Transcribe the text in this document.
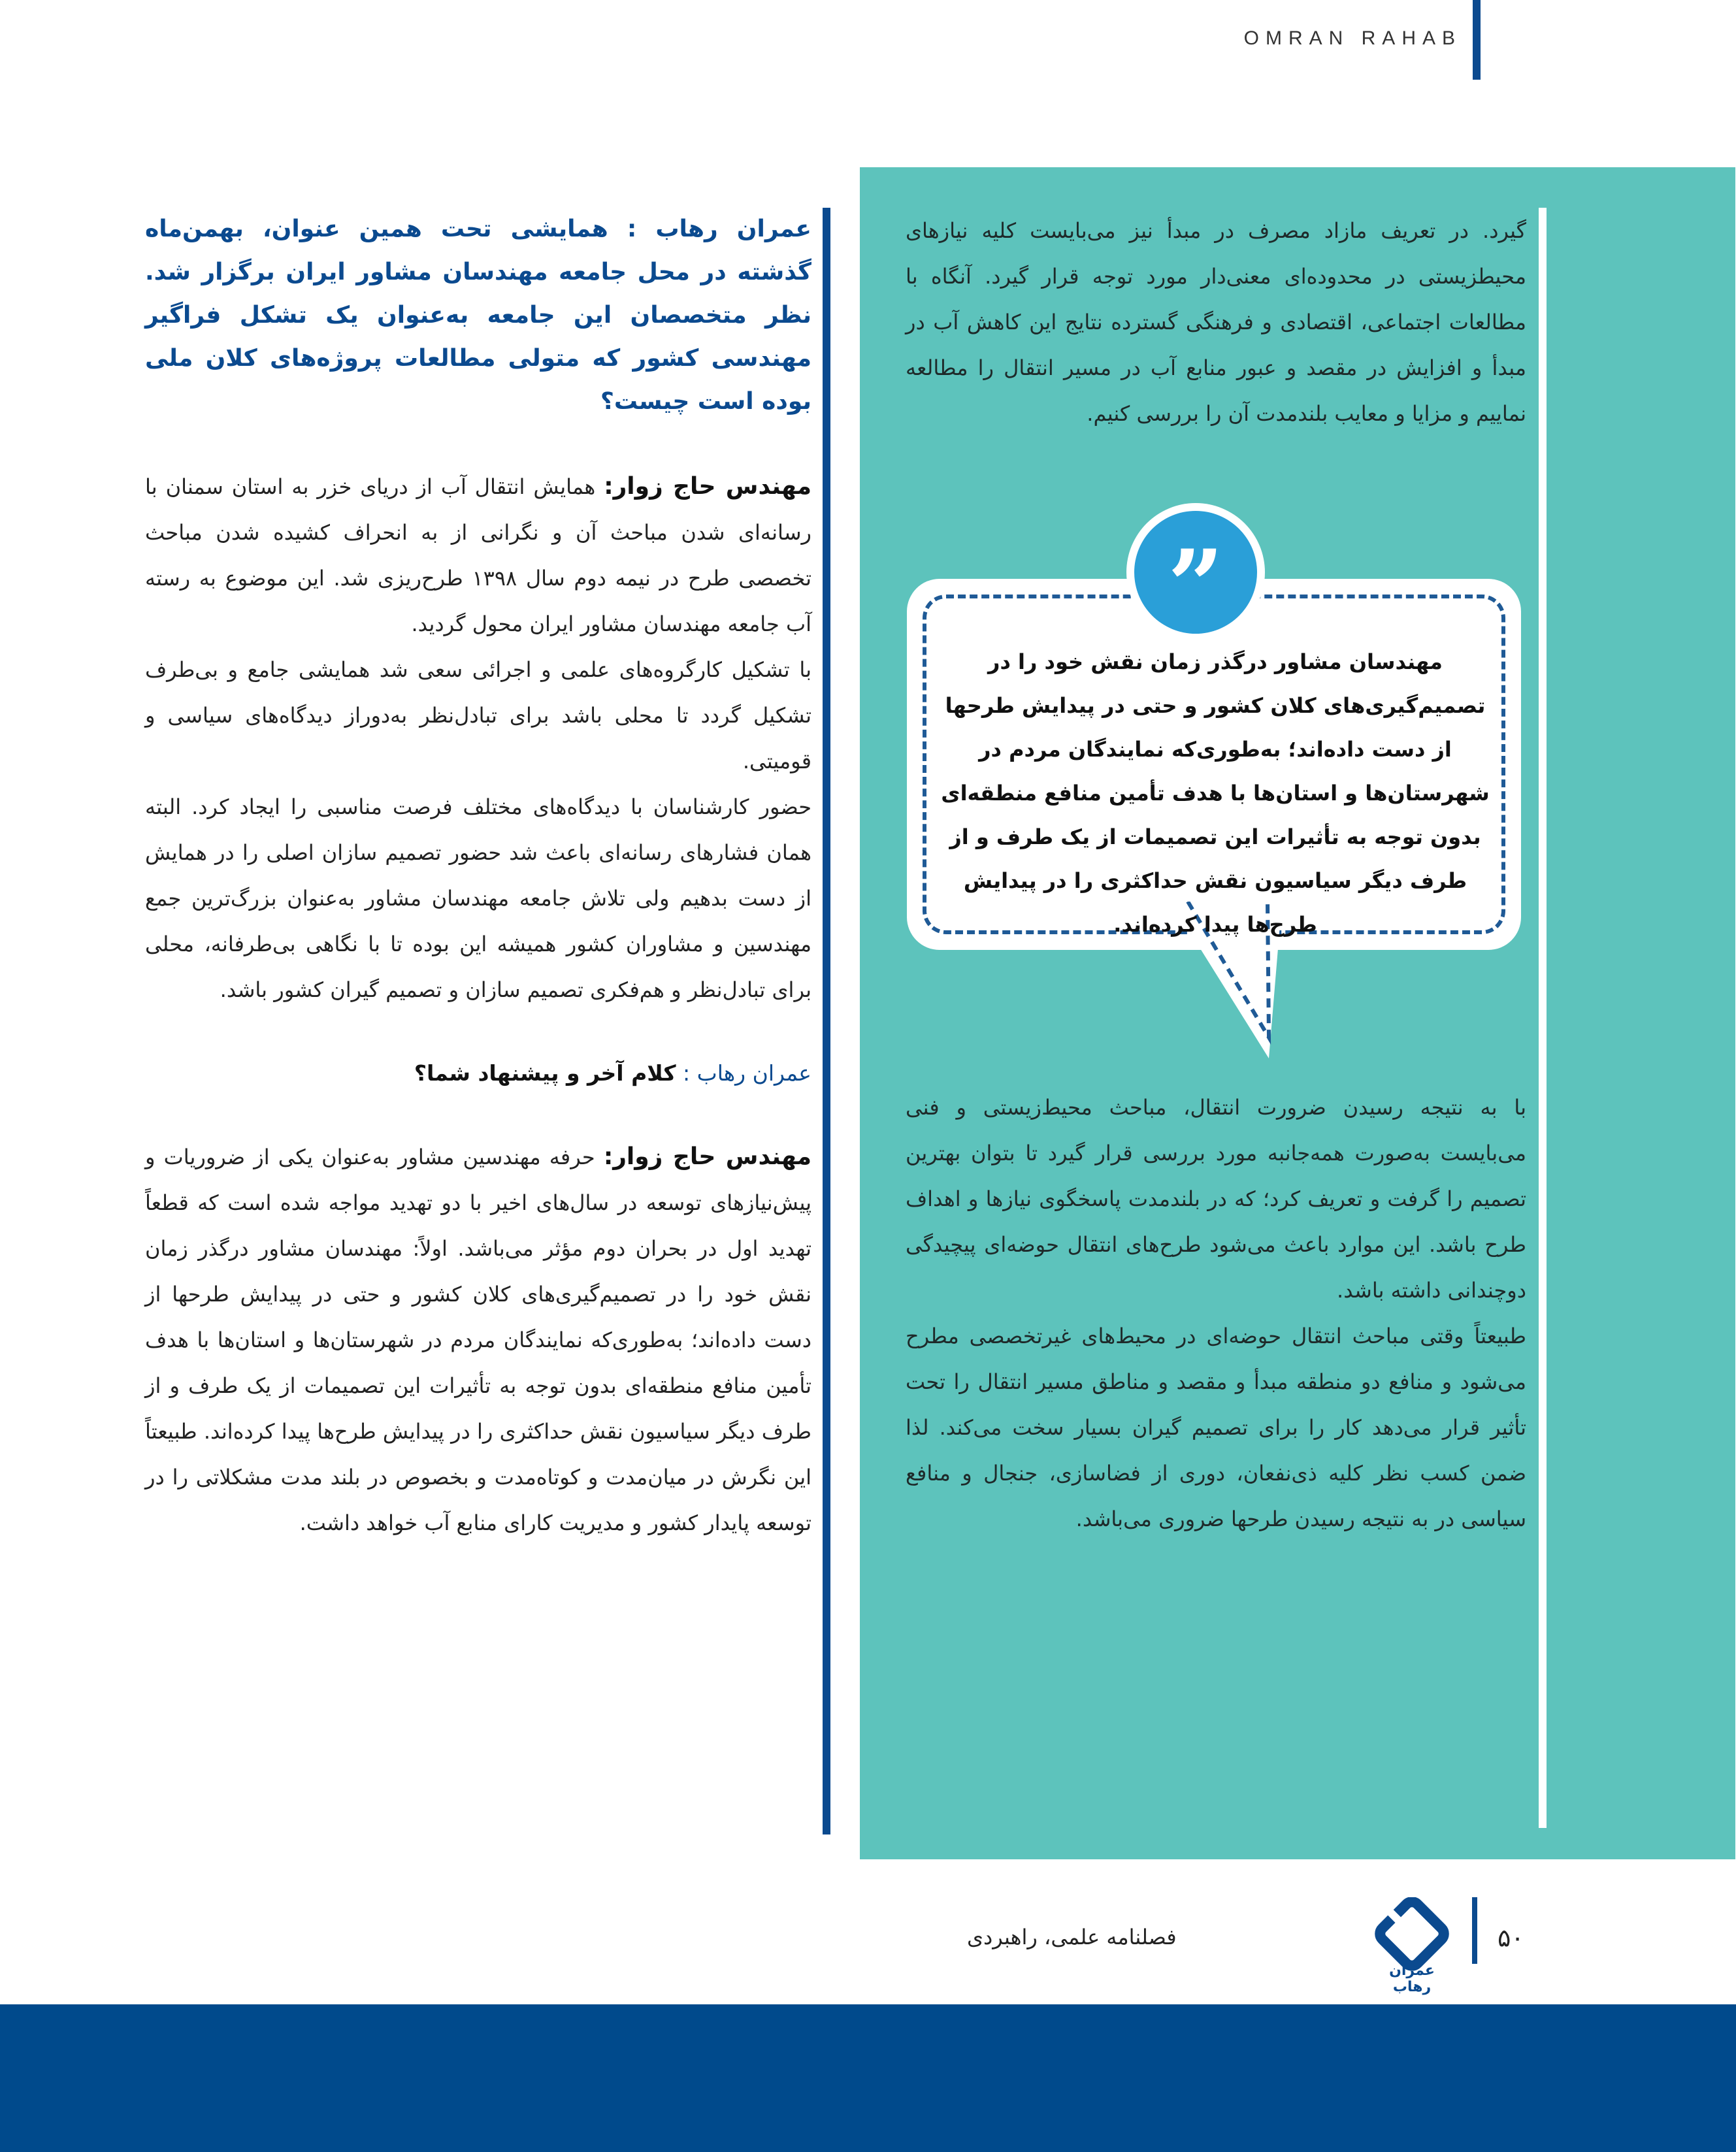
OMRAN RAHAB

عمران رهاب : همایشی تحت همین عنوان، بهمن‌ماه گذشته در محل جامعه مهندسان مشاور ایران برگزار شد. نظر متخصصان این جامعه به‌عنوان یک تشکل فراگیر مهندسی کشور که متولی مطالعات پروژه‌های کلان ملی بوده است چیست؟

مهندس حاج زوار: همایش انتقال آب از دریای خزر به استان سمنان با رسانه‌ای شدن مباحث آن و نگرانی از به انحراف کشیده شدن مباحث تخصصی طرح در نیمه دوم سال ۱۳۹۸ طرح‌ریزی شد. این موضوع به رسته آب جامعه مهندسان مشاور ایران محول گردید.

با تشکیل کارگروه‌های علمی و اجرائی سعی شد همایشی جامع و بی‌طرف تشکیل گردد تا محلی باشد برای تبادل‌نظر به‌دوراز دیدگاه‌های سیاسی و قومیتی.

حضور کارشناسان با دیدگاه‌های مختلف فرصت مناسبی را ایجاد کرد. البته همان فشارهای رسانه‌ای باعث شد حضور تصمیم سازان اصلی را در همایش از دست بدهیم ولی تلاش جامعه مهندسان مشاور به‌عنوان بزرگ‌ترین جمع مهندسین و مشاوران کشور همیشه این بوده تا با نگاهی بی‌طرفانه، محلی برای تبادل‌نظر و هم‌فکری تصمیم سازان و تصمیم گیران کشور باشد.

عمران رهاب : کلام آخر و پیشنهاد شما؟

مهندس حاج زوار: حرفه مهندسین مشاور به‌عنوان یکی از ضروریات و پیش‌نیازهای توسعه در سال‌های اخیر با دو تهدید مواجه شده است که قطعاً تهدید اول در بحران دوم مؤثر می‌باشد. اولاً: مهندسان مشاور درگذر زمان نقش خود را در تصمیم‌گیری‌های کلان کشور و حتی در پیدایش طرحها از دست داده‌اند؛ به‌طوری‌که نمایندگان مردم در شهرستان‌ها و استان‌ها با هدف تأمین منافع منطقه‌ای بدون توجه به تأثیرات این تصمیمات از یک طرف و از طرف دیگر سیاسیون نقش حداکثری را در پیدایش طرح‌ها پیدا کرده‌اند. طبیعتاً این نگرش در میان‌مدت و کوتاه‌مدت و بخصوص در بلند مدت مشکلاتی را در توسعه پایدار کشور و مدیریت کارای منابع آب خواهد داشت.

گیرد. در تعریف مازاد مصرف در مبدأ نیز می‌بایست کلیه نیازهای محیطزیستی در محدوده‌ای معنی‌دار مورد توجه قرار گیرد. آنگاه با مطالعات اجتماعی، اقتصادی و فرهنگی گسترده نتایج این کاهش آب در مبدأ و افزایش در مقصد و عبور منابع آب در مسیر انتقال را مطالعه نماییم و مزایا و معایب بلندمدت آن را بررسی کنیم.

مهندسان مشاور درگذر زمان نقش خود را در تصمیم‌گیری‌های کلان کشور و حتی در پیدایش طرحها از دست داده‌اند؛ به‌طوری‌که نمایندگان مردم در شهرستان‌ها و استان‌ها با هدف تأمین منافع منطقه‌ای بدون توجه به تأثیرات این تصمیمات از یک طرف و از طرف دیگر سیاسیون نقش حداکثری را در پیدایش طرح‌ها پیدا کرده‌اند.
”

با به نتیجه رسیدن ضرورت انتقال، مباحث محیط‌زیستی و فنی می‌بایست به‌صورت همه‌جانبه مورد بررسی قرار گیرد تا بتوان بهترین تصمیم را گرفت و تعریف کرد؛ که در بلندمدت پاسخگوی نیازها و اهداف طرح باشد. این موارد باعث می‌شود طرح‌های انتقال حوضه‌ای پیچیدگی دوچندانی داشته باشد.

طبیعتاً وقتی مباحث انتقال حوضه‌ای در محیط‌های غیرتخصصی مطرح می‌شود و منافع دو منطقه مبدأ و مقصد و مناطق مسیر انتقال را تحت تأثیر قرار می‌دهد کار را برای تصمیم گیران بسیار سخت می‌کند. لذا ضمن کسب نظر کلیه ذی‌نفعان، دوری از فضاسازی، جنجال و منافع سیاسی در به نتیجه رسیدن طرحها ضروری می‌باشد.

۵۰
فصلنامه علمی، راهبردی
عمران رهاب
